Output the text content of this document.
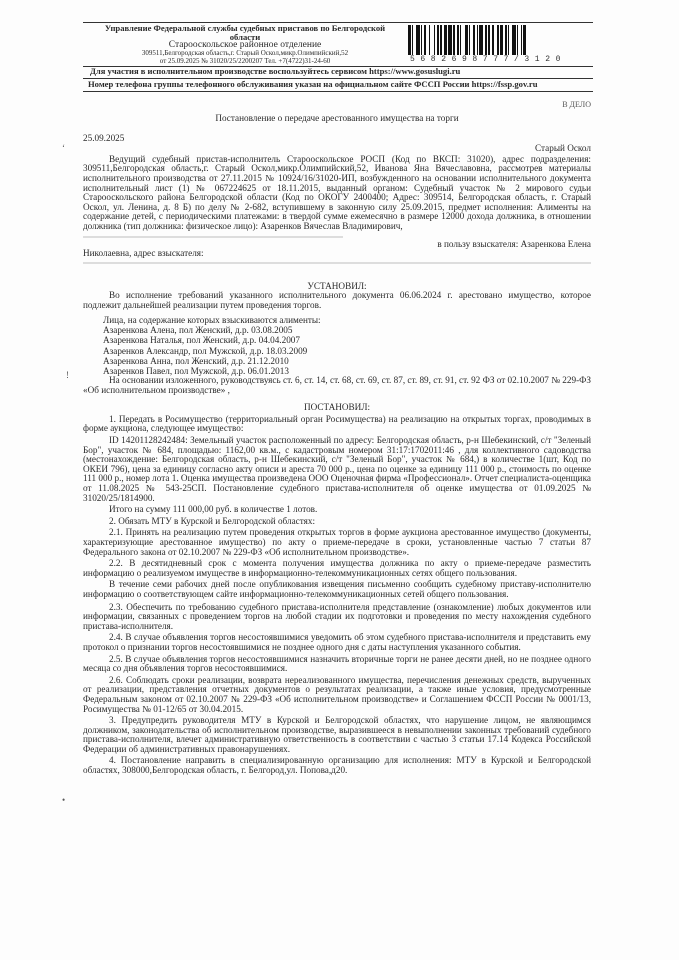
Управление Федеральной службы судебных приставов по Белгородской
области
Старооскольское районное отделение
309511,Белгородская область,г. Старый Оскол,микр.Олимпийский,52
от 25.09.2025 № 31020/25/2200207 Тел. +7(4722)31-24-60	5682698777/3120
Для участия в исполнительном производстве воспользуйтесь сервисом https://www.gosuslugi.ru
Номер телефона группы телефонного обслуживания указан на официальном сайте ФССП России https://fssp.gov.ru
В ДЕЛО
Постановление о передаче арестованного имущества на торги
25.09.2025
Старый Оскол
Ведущий судебный пристав-исполнитель Старооскольское РОСП (Код по ВКСП: 31020), адрес подразделения: 309511,Белгородская область,г. Старый Оскол,микр.Олимпийский,52, Иванова Яна Вячеславовна, рассмотрев материалы исполнительного производства от 27.11.2015 № 10924/16/31020-ИП, возбужденного на основании исполнительного документа исполнительный лист (1) № 067224625 от 18.11.2015, выданный органом: Судебный участок № 2 мирового судьи Старооскольского района Белгородской области (Код по ОКОГУ 2400400; Адрес: 309514, Белгородская область, г. Старый Оскол, ул. Ленина, д. 8 Б) по делу № 2-682, вступившему в законную силу 25.09.2015, предмет исполнения: Алименты на содержание детей, с периодическими платежами: в твердой сумме ежемесячно в размере 12000 дохода должника, в отношении должника (тип должника: физическое лицо): Азаренков Вячеслав Владимирович,
в пользу взыскателя: Азаренкова Елена
Николаевна, адрес взыскателя:
УСТАНОВИЛ:
Во исполнение требований указанного исполнительного документа 06.06.2024 г. арестовано имущество, которое подлежит дальнейшей реализации путем проведения торгов.
Лица, на содержание которых взыскиваются алименты:
Азаренкова Алена, пол Женский, д.р. 03.08.2005
Азаренкова Наталья, пол Женский, д.р. 04.04.2007
Азаренков Александр, пол Мужской, д.р. 18.03.2009
Азаренкова Анна, пол Женский, д.р. 21.12.2010
Азаренков Павел, пол Мужской, д.р. 06.01.2013
На основании изложенного, руководствуясь ст. 6, ст. 14, ст. 68, ст. 69, ст. 87, ст. 89, ст. 91, ст. 92 ФЗ от 02.10.2007 № 229-ФЗ «Об исполнительном производстве» ,
ПОСТАНОВИЛ:
1. Передать в Росимущество (территориальный орган Росимущества) на реализацию на открытых торгах, проводимых в форме аукциона, следующее имущество:
ID 14201128242484: Земельный участок расположенный по адресу: Белгородская область, р-н Шебекинский, с/т "Зеленый Бор", участок № 684, площадью: 1162,00 кв.м., с кадастровым номером 31:17:1702011:46 , для коллективного садоводства (местонахождение: Белгородская область, р-н Шебекинский, с/т "Зеленый Бор", участок № 684,) в количестве 1(шт, Код по ОКЕИ 796), цена за единицу согласно акту описи и ареста 70 000 р., цена по оценке за единицу 111 000 р., стоимость по оценке 111 000 р., номер лота 1. Оценка имущества произведена ООО Оценочная фирма «Профессионал». Отчет специалиста-оценщика от 11.08.2025 № 543-25СП. Постановление судебного пристава-исполнителя об оценке имущества от 01.09.2025 № 31020/25/1814900.
Итого на сумму 111 000,00 руб. в количестве 1 лотов.
2. Обязать МТУ в Курской и Белгородской областях:
2.1. Принять на реализацию путем проведения открытых торгов в форме аукциона арестованное имущество (документы, характеризующие арестованное имущество) по акту о приеме-передаче в сроки, установленные частью 7 статьи 87 Федерального закона от 02.10.2007 № 229-ФЗ «Об исполнительном производстве».
2.2. В десятидневный срок с момента получения имущества должника по акту о приеме-передаче разместить информацию о реализуемом имуществе в информационно-телекоммуникационных сетях общего пользования.
В течение семи рабочих дней после опубликования извещения письменно сообщить судебному приставу-исполнителю информацию о соответствующем сайте информационно-телекоммуникационных сетей общего пользования.
2.3. Обеспечить по требованию судебного пристава-исполнителя представление (ознакомление) любых документов или информации, связанных с проведением торгов на любой стадии их подготовки и проведения по месту нахождения судебного пристава-исполнителя.
2.4. В случае объявления торгов несостоявшимися уведомить об этом судебного пристава-исполнителя и представить ему протокол о признании торгов несостоявшимися не позднее одного дня с даты наступления указанного события.
2.5. В случае объявления торгов несостоявшимися назначить вторичные торги не ранее десяти дней, но не позднее одного месяца со дня объявления торгов несостоявшимися.
2.6. Соблюдать сроки реализации, возврата нереализованного имущества, перечисления денежных средств, вырученных от реализации, представления отчетных документов о результатах реализации, а также иные условия, предусмотренные Федеральным законом от 02.10.2007 № 229-ФЗ «Об исполнительном производстве» и Соглашением ФССП России № 0001/13, Росимущества № 01-12/65 от 30.04.2015.
3. Предупредить руководителя МТУ в Курской и Белгородской областях, что нарушение лицом, не являющимся должником, законодательства об исполнительном производстве, выразившееся в невыполнении законных требований судебного пристава-исполнителя, влечет административную ответственность в соответствии с частью 3 статьи 17.14 Кодекса Российской Федерации об административных правонарушениях.
4. Постановление направить в специализированную организацию для исполнения: МТУ в Курской и Белгородской областях, 308000,Белгородская область, г. Белгород,ул. Попова,д20.
‘
!
•
